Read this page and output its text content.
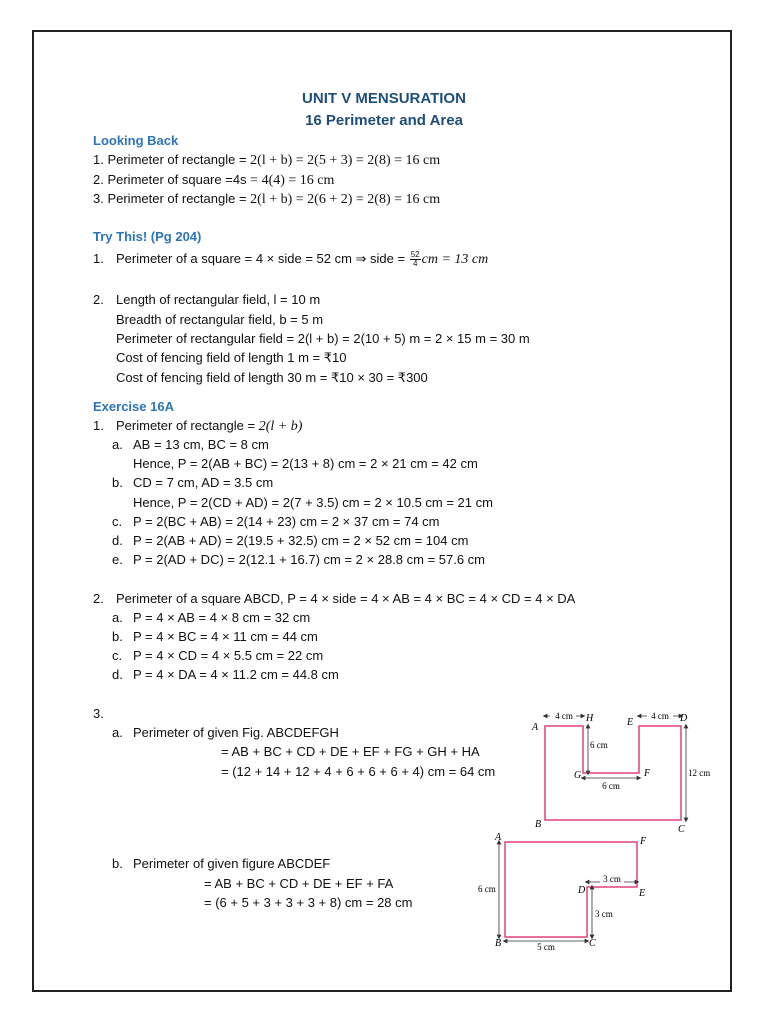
UNIT V MENSURATION
16 Perimeter and Area
Looking Back
1. Perimeter of rectangle = 2(l + b) = 2(5 + 3) = 2(8) = 16 cm
2. Perimeter of square =4s = 4(4) = 16 cm
3. Perimeter of rectangle = 2(l + b) = 2(6 + 2) = 2(8) = 16 cm
Try This! (Pg 204)
1. Perimeter of a square = 4 × side = 52 cm ⇒ side = $\frac{52}{4}$ cm = 13 cm
2. Length of rectangular field, l = 10 m
Breadth of rectangular field, b = 5 m
Perimeter of rectangular field = 2(l + b) = 2(10 + 5) m = 2 × 15 m = 30 m
Cost of fencing field of length 1 m = ₹10
Cost of fencing field of length 30 m = ₹10 × 30 = ₹300
Exercise 16A
1. Perimeter of rectangle = 2(l + b)
a. AB = 13 cm, BC = 8 cm
Hence, P = 2(AB + BC) = 2(13 + 8) cm = 2 × 21 cm = 42 cm
b. CD = 7 cm, AD = 3.5 cm
Hence, P = 2(CD + AD) = 2(7 + 3.5) cm = 2 × 10.5 cm = 21 cm
c. P = 2(BC + AB) = 2(14 + 23) cm = 2 × 37 cm = 74 cm
d. P = 2(AB + AD) = 2(19.5 + 32.5) cm = 2 × 52 cm = 104 cm
e. P = 2(AD + DC) = 2(12.1 + 16.7) cm = 2 × 28.8 cm = 57.6 cm
2. Perimeter of a square ABCD, P = 4 × side = 4 × AB = 4 × BC = 4 × CD = 4 × DA
a. P = 4 × AB = 4 × 8 cm = 32 cm
b. P = 4 × BC = 4 × 11 cm = 44 cm
c. P = 4 × CD = 4 × 5.5 cm = 22 cm
d. P = 4 × DA = 4 × 11.2 cm = 44.8 cm
3.
a. Perimeter of given Fig. ABCDEFGH
= AB + BC + CD + DE + EF + FG + GH + HA
= (12 + 14 + 12 + 4 + 6 + 6 + 6 + 4) cm = 64 cm
b. Perimeter of given figure ABCDEF
= AB + BC + CD + DE + EF + FA
= (6 + 5 + 3 + 3 + 3 + 8) cm = 28 cm
4 cm	4 cm
6 cm
6 cm
12 cm
A
H
G	F
E	D
B	C
6 cm
5 cm
3 cm
3 cm
A
B	C
D	E
F
